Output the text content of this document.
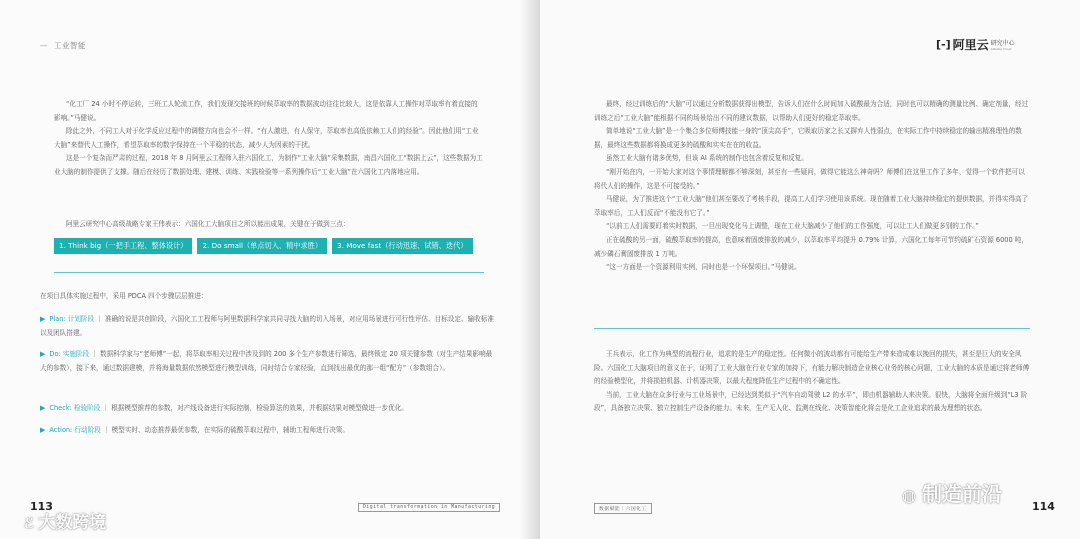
— 工业智能

“化工厂 24 小时不停运转，三班工人轮流工作，我们发现交接班的时候萃取率的数据波动往往比较大，这是依靠人工操作对萃取率有着直接的影响。”马健说。

除此之外，不同工人对于化学反应过程中的调整方向也会不一样。“有人激进，有人保守，萃取率也高低依赖工人们的经验”。因此他们用“工业大脑”来替代人工操作，希望萃取率的数字保持在一个平稳的状态，减少人为因素的干扰。

这是一个复杂而严肃的过程，2018 年 8 月阿里云工程师入驻六国化工，为制作“工业大脑”采集数据，南昌六国化工“数据上云”，这些数据为工业大脑的制作提供了支撑。随后在经历了数据处理、建模、训练、实践检验等一系列操作后“工业大脑”在六国化工内落地应用。

阿里云研究中心高级战略专家王伟表示：六国化工大脑项目之所以能出成果，关键在于做到三点：

1. Think big（一把手工程、整体设计）	2. Do small（单点切入、精中求胜）	3. Move fast（行动迅速、试错、迭代）
在项目具体实施过程中，采用 PDCA 四个步骤层层推进：
▶ Plan: 计划阶段 ｜ 准确的说是共创阶段，六国化工工程师与阿里数据科学家共同寻找大脑的切入场景，对应用场景进行可行性评估、目标设定、输收标准以及团队搭建。
▶ Do: 实施阶段 ｜ 数据科学家与“老师傅”一起，将萃取率相关过程中涉及到的 200 多个生产参数进行筛选，最终锁定 20 项关键参数（对生产结果影响最大的参数），接下来，通过数据建模，并将海量数据依然模型进行模型训练，同时结合专家经验，直到找出最优的那一组“配方”（参数组合）。
▶ Check: 检验阶段 ｜ 根据模型推荐的参数，对产线设备进行实际控制，检验算法的效果，并根据结果对模型做进一步优化。
▶ Action: 行动阶段 ｜ 模型实时、动态推荐最优参数，在实际的硫酸萃取过程中，辅助工程师进行决策。
113	Digital transformation in Manufacturing
ℰ 大数跨境
[-] 阿里云 研究中心
Alibaba Cloud

最终，经过训练后的“大脑”可以通过分析数据获得出模型，告诉人们在什么时间加入硫酸最为合适，同时也可以精确的测量比例、确定剂量，经过训练之后“工业大脑”能根据不同的场景给出不同的建议数据，以帮助人们更好的稳定萃取率。

简单地说“工业大脑”是一个集合多位师傅技能一身的“顶尖高手”，它吸取历家之长又摒弃人性弱点，在实际工作中持续稳定的输出精准理性的数据，最终这些数据都将换成更多的硫酸和实实在在的收益。

虽然工业大脑有诸多优势，但该 AI 系统的制作也包含着反复和反复。

“刚开始在内，一开始大家对这个事情理解都不够深刻，甚至有一些疑问，做得它能这么神奇吗？师傅们在这里工作了多年，觉得一个软件把可以将代人们的操作，这是不可接受的。”

马健说，为了推进这个“工业大脑”他们甚至要改了考核手段，提高工人们学习使用该系统。现在随着工业大脑持续稳定的提供数据，并得实得高了萃取率后，工人们反而“不能没有它了。”

“以前工人们需要盯着实时数据，一旦出现变化马上调整，现在工业大脑减少了他们的工作强度，可以让工人们做更多别的工作。”

正在硫酸的另一面，硫酸萃取率的提高，也意味着固废排放的减少，以萃取率平均提升 0.79% 计算，六国化工每年可节约硫矿石资源 6000 吨，减少磷石膏固废排放 1 万吨。

“这一方面是一个资源利用实例，同时也是一个环保项目。”马健说。

王兵表示，化工作为典型的流程行业，追求的是生产的稳定性。任何微小的波动都有可能给生产带来造成难以挽回的损失，甚至是巨大的安全风险。六国化工大脑项目的意义在于，证明了工业大脑在行业专家的加持下，有能力解决制造企业核心业务的核心问题，工业大脑的本质是通过将老师傅的经验模型化，并将损拍机器、计机器决策，以最大程度降低生产过程中的不确定性。

当前，工业大脑在众多行业与工业场景中，已经达到类似于“汽车自动驾驶 L2 的水平”，即由机器辅助人来决策。很快，大脑将全面升级到“L3 阶段”，具备独立决策、独立控制生产设备的能力。未来，生产无人化、监测在线化、决策智能化将会是化工企业追求的最为理想的状态。

数据赋能｜六国化工	114
◍ 制造前沿
